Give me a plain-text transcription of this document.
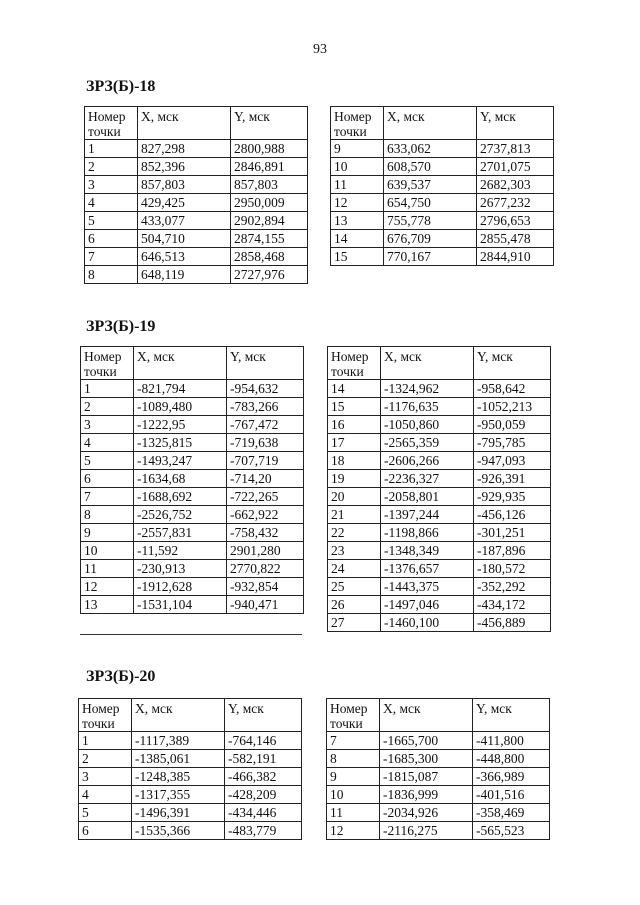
93
ЗРЗ(Б)-18
Номер
точки	Х, мск	Y, мск
1	827,298	2800,988
2	852,396	2846,891
3	857,803	857,803
4	429,425	2950,009
5	433,077	2902,894
6	504,710	2874,155
7	646,513	2858,468
8	648,119	2727,976
Номер
точки	Х, мск	Y, мск
9	633,062	2737,813
10	608,570	2701,075
11	639,537	2682,303
12	654,750	2677,232
13	755,778	2796,653
14	676,709	2855,478
15	770,167	2844,910
ЗРЗ(Б)-19
Номер
точки	Х, мск	Y, мск
1	-821,794	-954,632
2	-1089,480	-783,266
3	-1222,95	-767,472
4	-1325,815	-719,638
5	-1493,247	-707,719
6	-1634,68	-714,20
7	-1688,692	-722,265
8	-2526,752	-662,922
9	-2557,831	-758,432
10	-11,592	2901,280
11	-230,913	2770,822
12	-1912,628	-932,854
13	-1531,104	-940,471
Номер
точки	Х, мск	Y, мск
14	-1324,962	-958,642
15	-1176,635	-1052,213
16	-1050,860	-950,059
17	-2565,359	-795,785
18	-2606,266	-947,093
19	-2236,327	-926,391
20	-2058,801	-929,935
21	-1397,244	-456,126
22	-1198,866	-301,251
23	-1348,349	-187,896
24	-1376,657	-180,572
25	-1443,375	-352,292
26	-1497,046	-434,172
27	-1460,100	-456,889
ЗРЗ(Б)-20
Номер
точки	Х, мск	Y, мск
1	-1117,389	-764,146
2	-1385,061	-582,191
3	-1248,385	-466,382
4	-1317,355	-428,209
5	-1496,391	-434,446
6	-1535,366	-483,779
Номер
точки	Х, мск	Y, мск
7	-1665,700	-411,800
8	-1685,300	-448,800
9	-1815,087	-366,989
10	-1836,999	-401,516
11	-2034,926	-358,469
12	-2116,275	-565,523
